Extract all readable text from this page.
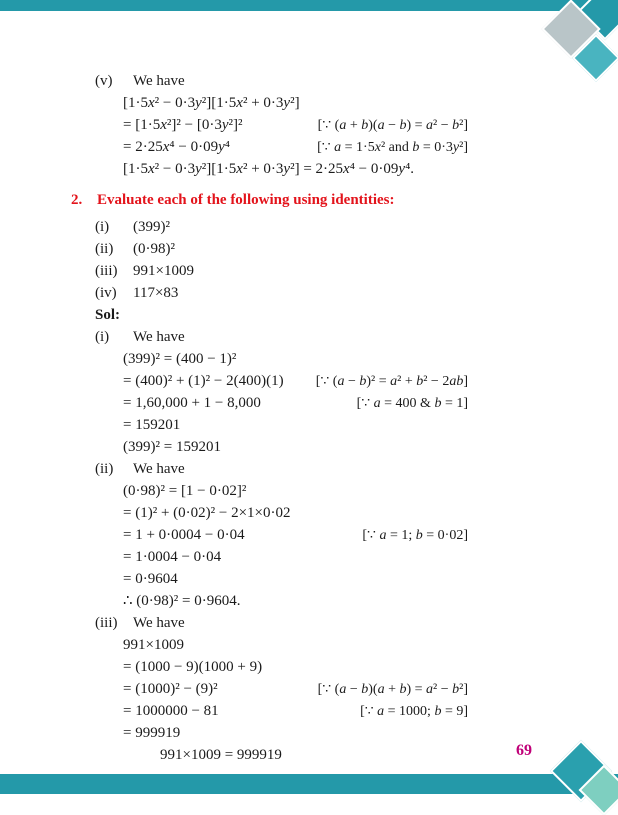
(v)	We have
[1·5x² − 0·3y²][1·5x² + 0·3y²]
= [1·5x²]² − [0·3y²]²	[∵ (a + b)(a − b) = a² − b²]
= 2·25x⁴ − 0·09y⁴	[∵ a = 1·5x² and b = 0·3y²]
[1·5x² − 0·3y²][1·5x² + 0·3y²] = 2·25x⁴ − 0·09y⁴.
2. Evaluate each of the following using identities:
(i)	(399)²
(ii)	(0·98)²
(iii)	991×1009
(iv)	117×83
Sol:
(i)	We have
(399)² = (400 − 1)²
= (400)² + (1)² − 2(400)(1)	[∵ (a − b)² = a² + b² − 2ab]
= 1,60,000 + 1 − 8,000	[∵ a = 400 & b = 1]
= 159201
(399)² = 159201
(ii)	We have
(0·98)² = [1 − 0·02]²
= (1)² + (0·02)² − 2×1×0·02
= 1 + 0·0004 − 0·04	[∵ a = 1; b = 0·02]
= 1·0004 − 0·04
= 0·9604
∴ (0·98)² = 0·9604.
(iii)	We have
991×1009
= (1000 − 9)(1000 + 9)
= (1000)² − (9)²	[∵ (a − b)(a + b) = a² − b²]
= 1000000 − 81	[∵ a = 1000; b = 9]
= 999919
991×1009 = 999919	69
